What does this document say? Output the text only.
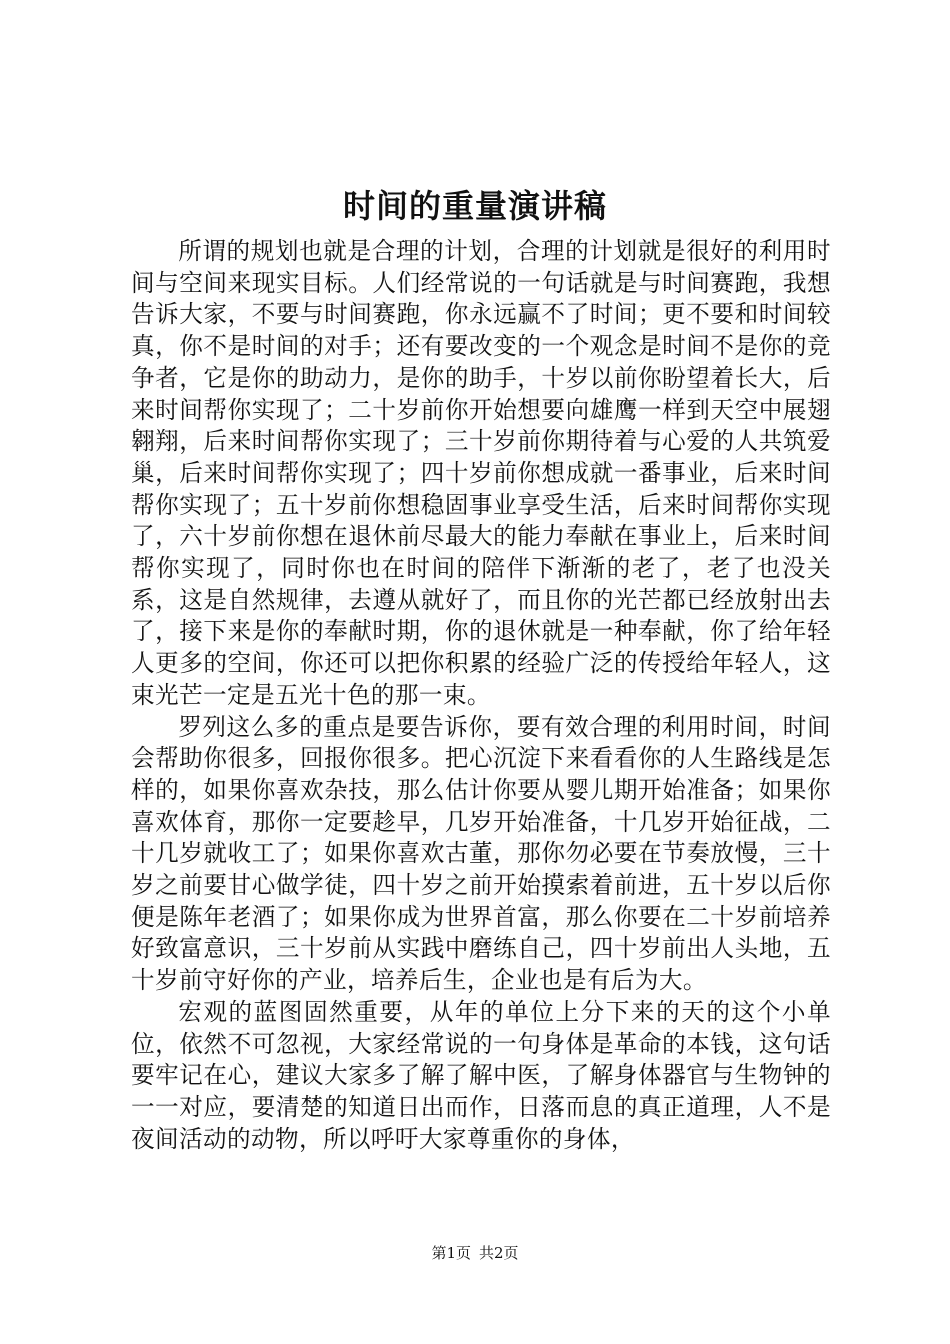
时间的重量演讲稿

所谓的规划也就是合理的计划，合理的计划就是很好的利用时间与空间来现实目标。人们经常说的一句话就是与时间赛跑，我想告诉大家，不要与时间赛跑，你永远赢不了时间；更不要和时间较真，你不是时间的对手；还有要改变的一个观念是时间不是你的竞争者，它是你的助动力，是你的助手，十岁以前你盼望着长大，后来时间帮你实现了；二十岁前你开始想要向雄鹰一样到天空中展翅翱翔，后来时间帮你实现了；三十岁前你期待着与心爱的人共筑爱巢，后来时间帮你实现了；四十岁前你想成就一番事业，后来时间帮你实现了；五十岁前你想稳固事业享受生活，后来时间帮你实现了，六十岁前你想在退休前尽最大的能力奉献在事业上，后来时间帮你实现了，同时你也在时间的陪伴下渐渐的老了，老了也没关系，这是自然规律，去遵从就好了，而且你的光芒都已经放射出去了，接下来是你的奉献时期，你的退休就是一种奉献，你了给年轻人更多的空间，你还可以把你积累的经验广泛的传授给年轻人，这束光芒一定是五光十色的那一束。

罗列这么多的重点是要告诉你，要有效合理的利用时间，时间会帮助你很多，回报你很多。把心沉淀下来看看你的人生路线是怎样的，如果你喜欢杂技，那么估计你要从婴儿期开始准备；如果你喜欢体育，那你一定要趁早，几岁开始准备，十几岁开始征战，二十几岁就收工了；如果你喜欢古董，那你勿必要在节奏放慢，三十岁之前要甘心做学徒，四十岁之前开始摸索着前进，五十岁以后你便是陈年老酒了；如果你成为世界首富，那么你要在二十岁前培养好致富意识，三十岁前从实践中磨练自己，四十岁前出人头地，五十岁前守好你的产业，培养后生，企业也是有后为大。

宏观的蓝图固然重要，从年的单位上分下来的天的这个小单位，依然不可忽视，大家经常说的一句身体是革命的本钱，这句话要牢记在心，建议大家多了解了解中医，了解身体器官与生物钟的一一对应，要清楚的知道日出而作，日落而息的真正道理，人不是夜间活动的动物，所以呼吁大家尊重你的身体，

第1页 共2页
